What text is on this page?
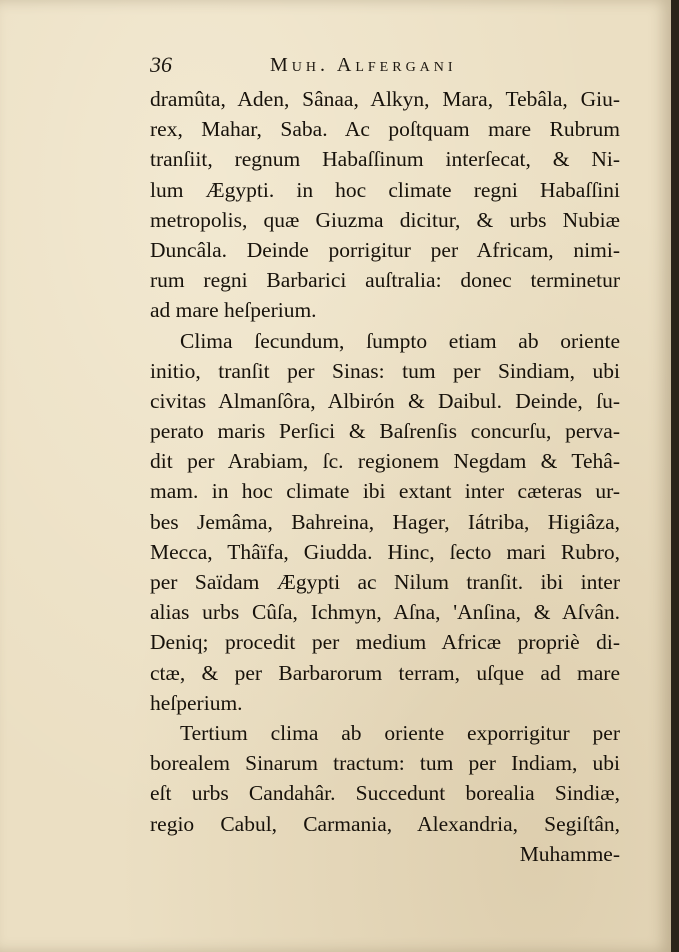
36	Muh. Alfergani
dramûta, Aden, Sânaa, Alkyn, Mara, Tebâla, Giu-
rex, Mahar, Saba. Ac poſtquam mare Rubrum
tranſiit, regnum Habaſſinum interſecat, & Ni-
lum Ægypti. in hoc climate regni Habaſſini
metropolis, quæ Giuzma dicitur, & urbs Nubiæ
Duncâla. Deinde porrigitur per Africam, nimi-
rum regni Barbarici auſtralia: donec terminetur
ad mare heſperium.
Clima ſecundum, ſumpto etiam ab oriente
initio, tranſit per Sinas: tum per Sindiam, ubi
civitas Almanſôra, Albirón & Daibul. Deinde, ſu-
perato maris Perſici & Baſrenſis concurſu, perva-
dit per Arabiam, ſc. regionem Negdam & Tehâ-
mam. in hoc climate ibi extant inter cæteras ur-
bes Jemâma, Bahreina, Hager, Iátriba, Higiâza,
Mecca, Thâïfa, Giudda. Hinc, ſecto mari Rubro,
per Saïdam Ægypti ac Nilum tranſit. ibi inter
alias urbs Cûſa, Ichmyn, Aſna, 'Anſina, & Aſvân.
Deniq; procedit per medium Africæ propriè di-
ctæ, & per Barbarorum terram, uſque ad mare
heſperium.
Tertium clima ab oriente exporrigitur per
borealem Sinarum tractum: tum per Indiam, ubi
eſt urbs Candahâr. Succedunt borealia Sindiæ,
regio Cabul, Carmania, Alexandria, Segiſtân,
Muhamme-
